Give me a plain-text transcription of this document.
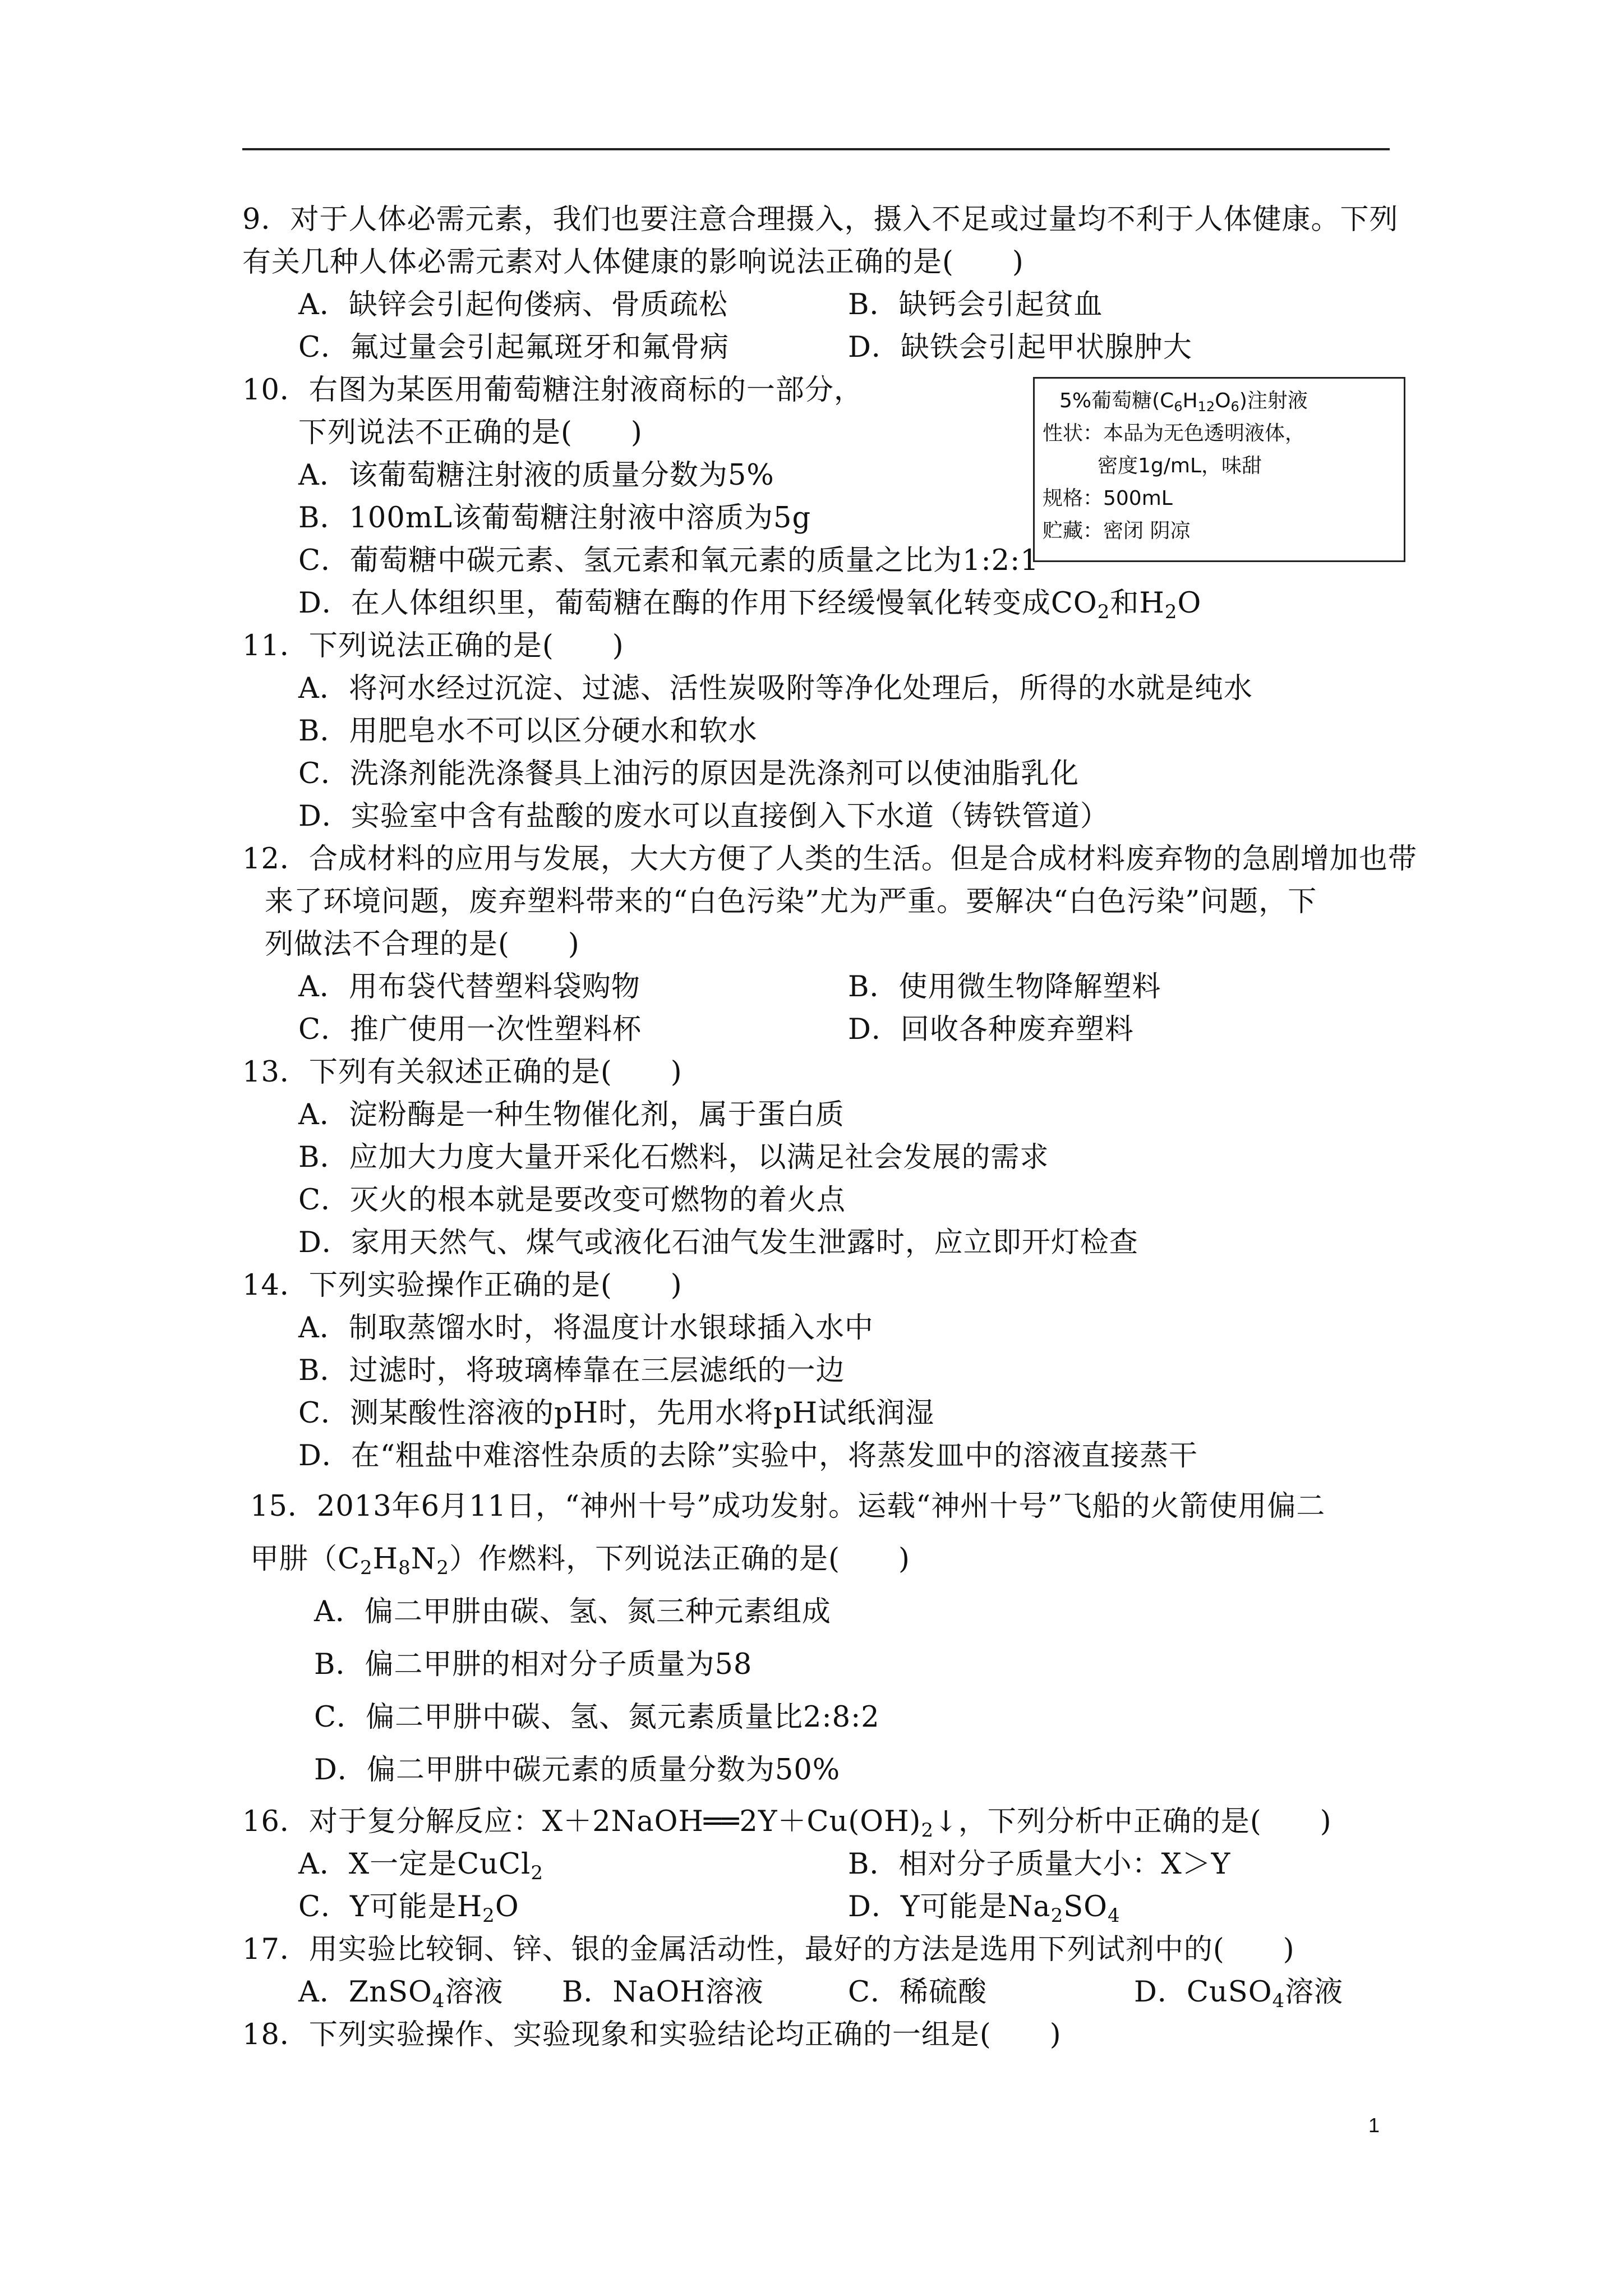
9．对于人体必需元素，我们也要注意合理摄入，摄入不足或过量均不利于人体健康。下列
有关几种人体必需元素对人体健康的影响说法正确的是(　　)
A．缺锌会引起佝偻病、骨质疏松	B．缺钙会引起贫血
C．氟过量会引起氟斑牙和氟骨病	D．缺铁会引起甲状腺肿大
10．右图为某医用葡萄糖注射液商标的一部分，
下列说法不正确的是(　　)
A．该葡萄糖注射液的质量分数为5%
B．100mL该葡萄糖注射液中溶质为5g
C．葡萄糖中碳元素、氢元素和氧元素的质量之比为1:2:1
D．在人体组织里，葡萄糖在酶的作用下经缓慢氧化转变成$CO_2$和$H_2O$
5%葡萄糖$(C_6H_{12}O_6)$注射液
性状：本品为无色透明液体，
密度1g/mL，味甜
规格：500mL
贮藏：密闭 阴凉
11．下列说法正确的是(　　)
A．将河水经过沉淀、过滤、活性炭吸附等净化处理后，所得的水就是纯水
B．用肥皂水不可以区分硬水和软水
C．洗涤剂能洗涤餐具上油污的原因是洗涤剂可以使油脂乳化
D．实验室中含有盐酸的废水可以直接倒入下水道（铸铁管道）
12．合成材料的应用与发展，大大方便了人类的生活。但是合成材料废弃物的急剧增加也带
来了环境问题，废弃塑料带来的“白色污染”尤为严重。要解决“白色污染”问题，下
列做法不合理的是(　　)
A．用布袋代替塑料袋购物	B．使用微生物降解塑料
C．推广使用一次性塑料杯	D．回收各种废弃塑料
13．下列有关叙述正确的是(　　)
A．淀粉酶是一种生物催化剂，属于蛋白质
B．应加大力度大量开采化石燃料，以满足社会发展的需求
C．灭火的根本就是要改变可燃物的着火点
D．家用天然气、煤气或液化石油气发生泄露时，应立即开灯检查
14．下列实验操作正确的是(　　)
A．制取蒸馏水时，将温度计水银球插入水中
B．过滤时，将玻璃棒靠在三层滤纸的一边
C．测某酸性溶液的pH时，先用水将pH试纸润湿
D．在“粗盐中难溶性杂质的去除”实验中，将蒸发皿中的溶液直接蒸干
15．2013年6月11日，“神州十号”成功发射。运载“神州十号”飞船的火箭使用偏二
甲肼$(C_2H_8N_2)$作燃料，下列说法正确的是(　　)
A．偏二甲肼由碳、氢、氮三种元素组成
B．偏二甲肼的相对分子质量为58
C．偏二甲肼中碳、氢、氮元素质量比2:8:2
D．偏二甲肼中碳元素的质量分数为50%
16．对于复分解反应：$X+2NaOH══2Y+Cu(OH)_2↓$，下列分析中正确的是(　　)
A．X一定是CuCl$_2$	B．相对分子质量大小：X＞Y
C．Y可能是$H_2O$	D．Y可能是$Na_2SO_4$
17．用实验比较铜、锌、银的金属活动性，最好的方法是选用下列试剂中的(　　)
A．ZnSO$_4$溶液 B．NaOH溶液	C．稀硫酸	D．CuSO$_4$溶液
18．下列实验操作、实验现象和实验结论均正确的一组是(　　)
1
